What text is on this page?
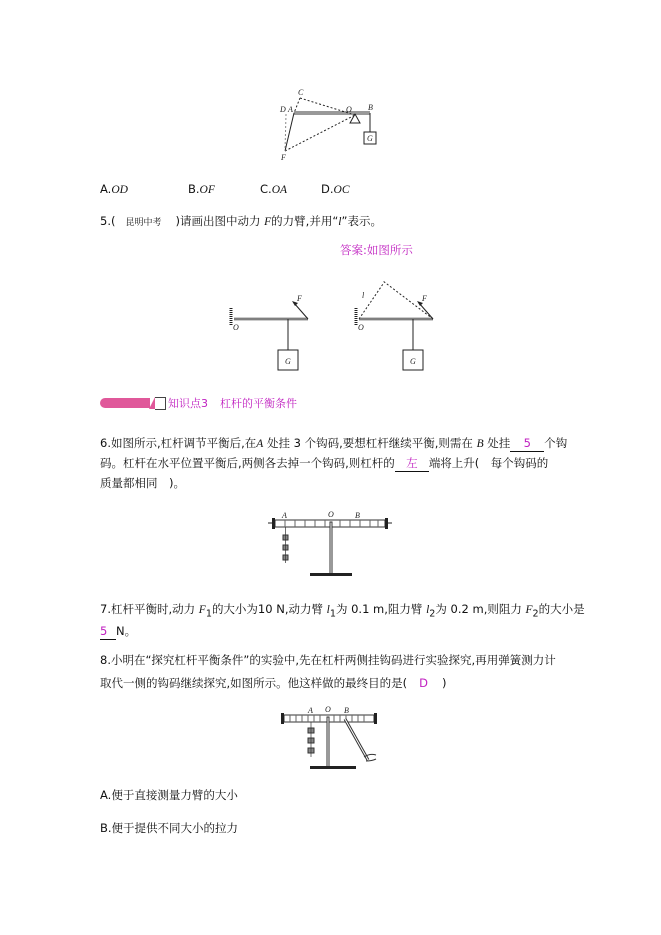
C
D A	O B
F
G
A.OD	B.OF	C.OA	D.OC
5.( 昆明中考 )请画出图中动力 F的力臂,并用“l”表示。
答案:如图所示
O
F
G
O
F
l
G
知识点3 杠杆的平衡条件
6.如图所示,杠杆调节平衡后,在A 处挂 3 个钩码,要想杠杆继续平衡,则需在 B 处挂 5 个钩
码。杠杆在水平位置平衡后,两侧各去掉一个钩码,则杠杆的 左 端将上升(　每个钩码的
质量都相同　)。
A	O	B
7.杠杆平衡时,动力 $F_1$的大小为10 N,动力臂 $l_1$为 0.1 m,阻力臂 $l_2$为 0.2 m,则阻力 $F_2$的大小是
5 N。
8.小明在“探究杠杆平衡条件”的实验中,先在杠杆两侧挂钩码进行实验探究,再用弹簧测力计
取代一侧的钩码继续探究,如图所示。他这样做的最终目的是( D )
A O B
A.便于直接测量力臂的大小
B.便于提供不同大小的拉力
